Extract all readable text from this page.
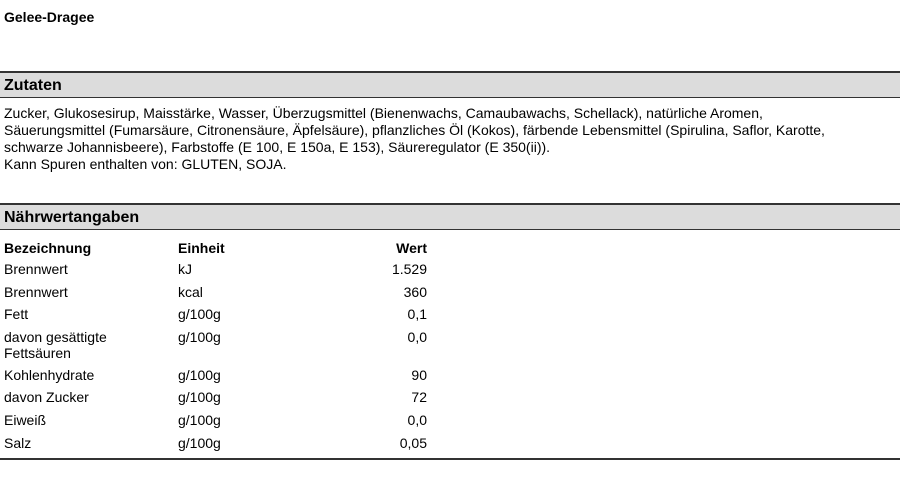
Gelee-Dragee
Zutaten
Zucker, Glukosesirup, Maisstärke, Wasser, Überzugsmittel (Bienenwachs, Camaubawachs, Schellack), natürliche Aromen,
Säuerungsmittel (Fumarsäure, Citronensäure, Äpfelsäure), pflanzliches Öl (Kokos), färbende Lebensmittel (Spirulina, Saflor, Karotte,
schwarze Johannisbeere), Farbstoffe (E 100, E 150a, E 153), Säureregulator (E 350(ii)).
Kann Spuren enthalten von: GLUTEN, SOJA.
Nährwertangaben
Bezeichnung	Einheit	Wert
Brennwert	kJ	1.529
Brennwert	kcal	360
Fett	g/100g	0,1
davon gesättigte Fettsäuren	g/100g	0,0
Kohlenhydrate	g/100g	90
davon Zucker	g/100g	72
Eiweiß	g/100g	0,0
Salz	g/100g	0,05
